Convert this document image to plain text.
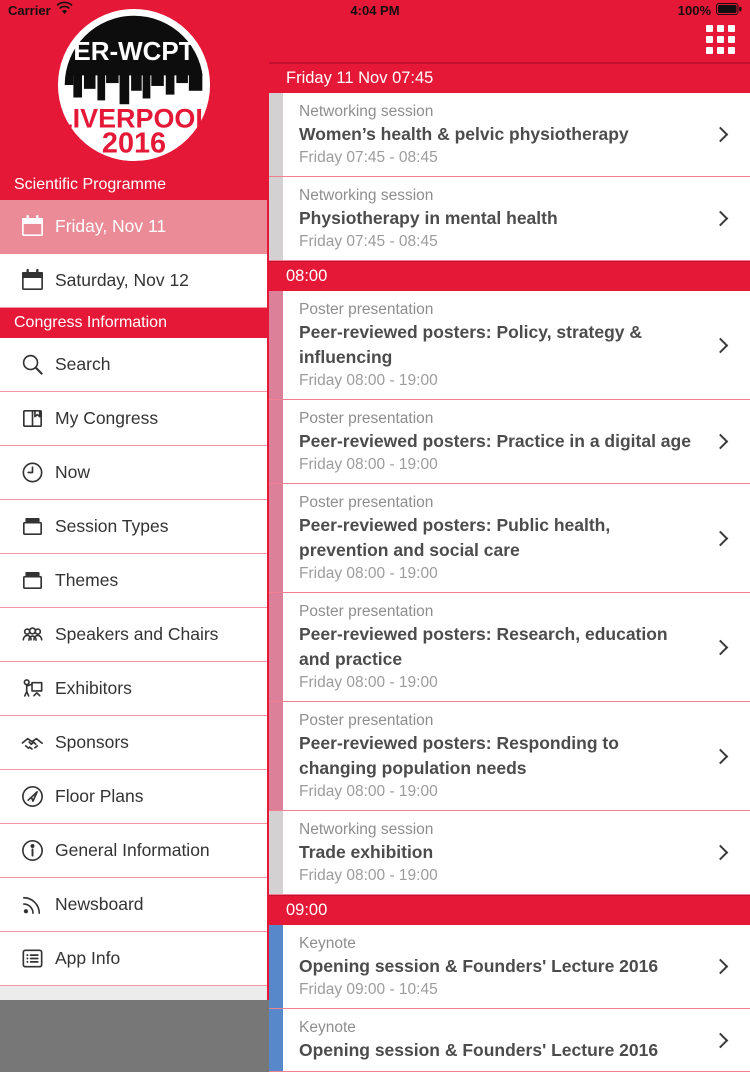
4:04 PM
Carrier	100%
ER-WCPT
LIVERPOOL
2016
Scientific Programme
Friday, Nov 11
Saturday, Nov 12
Congress Information
Search
My Congress
Now
Session Types
Themes
Speakers and Chairs
Exhibitors
Sponsors
Floor Plans
General Information
Newsboard
App Info
Friday 11 Nov 07:45
Networking session
Women’s health & pelvic physiotherapy
Friday 07:45 - 08:45
Networking session
Physiotherapy in mental health
Friday 07:45 - 08:45
08:00
Poster presentation
Peer-reviewed posters: Policy, strategy & influencing
Friday 08:00 - 19:00
Poster presentation
Peer-reviewed posters: Practice in a digital age
Friday 08:00 - 19:00
Poster presentation
Peer-reviewed posters: Public health, prevention and social care
Friday 08:00 - 19:00
Poster presentation
Peer-reviewed posters: Research, education and practice
Friday 08:00 - 19:00
Poster presentation
Peer-reviewed posters: Responding to changing population needs
Friday 08:00 - 19:00
Networking session
Trade exhibition
Friday 08:00 - 19:00
09:00
Keynote
Opening session & Founders' Lecture 2016
Friday 09:00 - 10:45
Keynote
Opening session & Founders' Lecture 2016
